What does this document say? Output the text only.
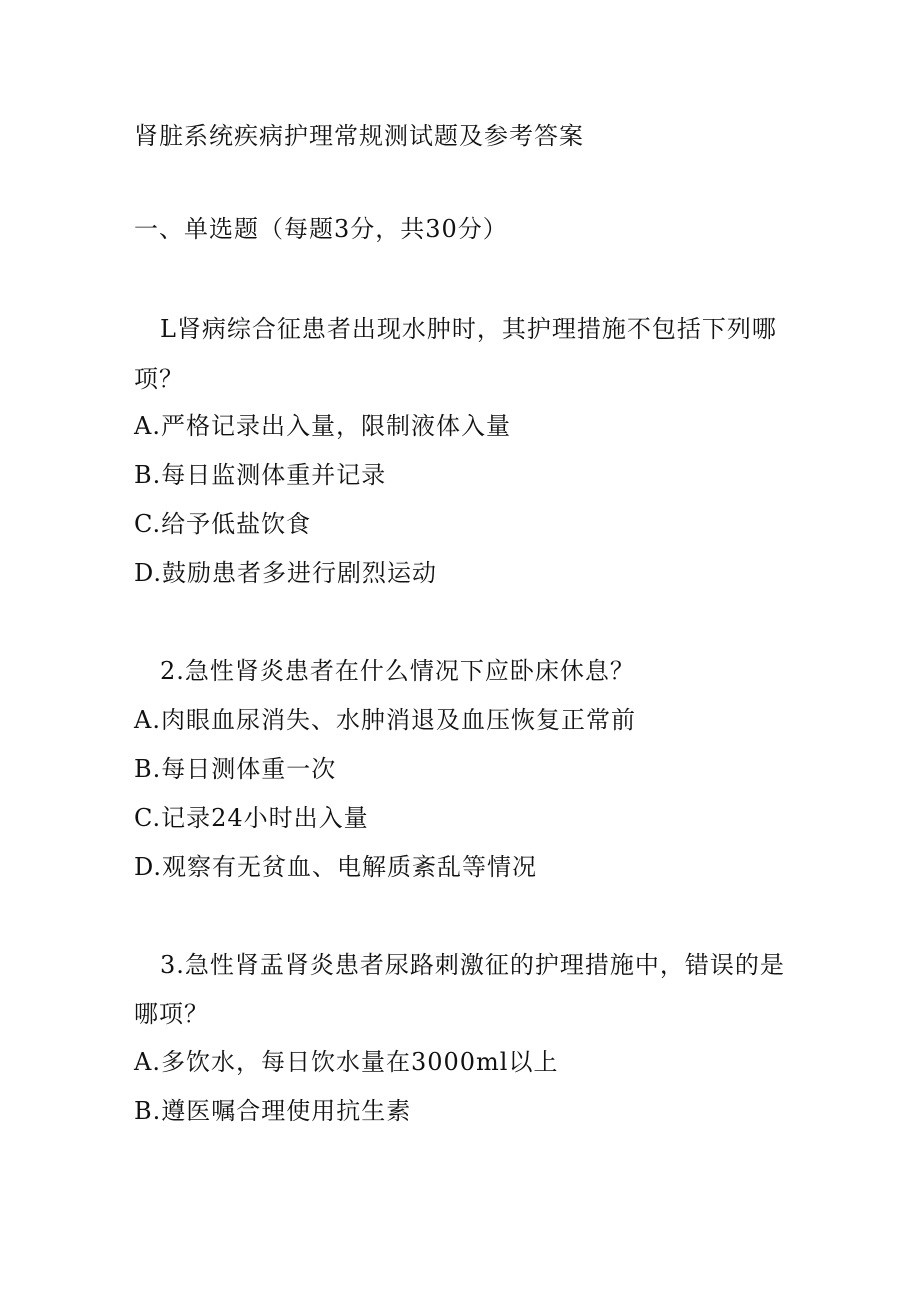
肾脏系统疾病护理常规测试题及参考答案
一、单选题（每题3分，共30分）
L肾病综合征患者出现水肿时，其护理措施不包括下列哪
项？
A.严格记录出入量，限制液体入量
B.每日监测体重并记录
C.给予低盐饮食
D.鼓励患者多进行剧烈运动
2.急性肾炎患者在什么情况下应卧床休息？
A.肉眼血尿消失、水肿消退及血压恢复正常前
B.每日测体重一次
C.记录24小时出入量
D.观察有无贫血、电解质紊乱等情况
3.急性肾盂肾炎患者尿路刺激征的护理措施中，错误的是
哪项？
A.多饮水，每日饮水量在3000ml以上
B.遵医嘱合理使用抗生素
